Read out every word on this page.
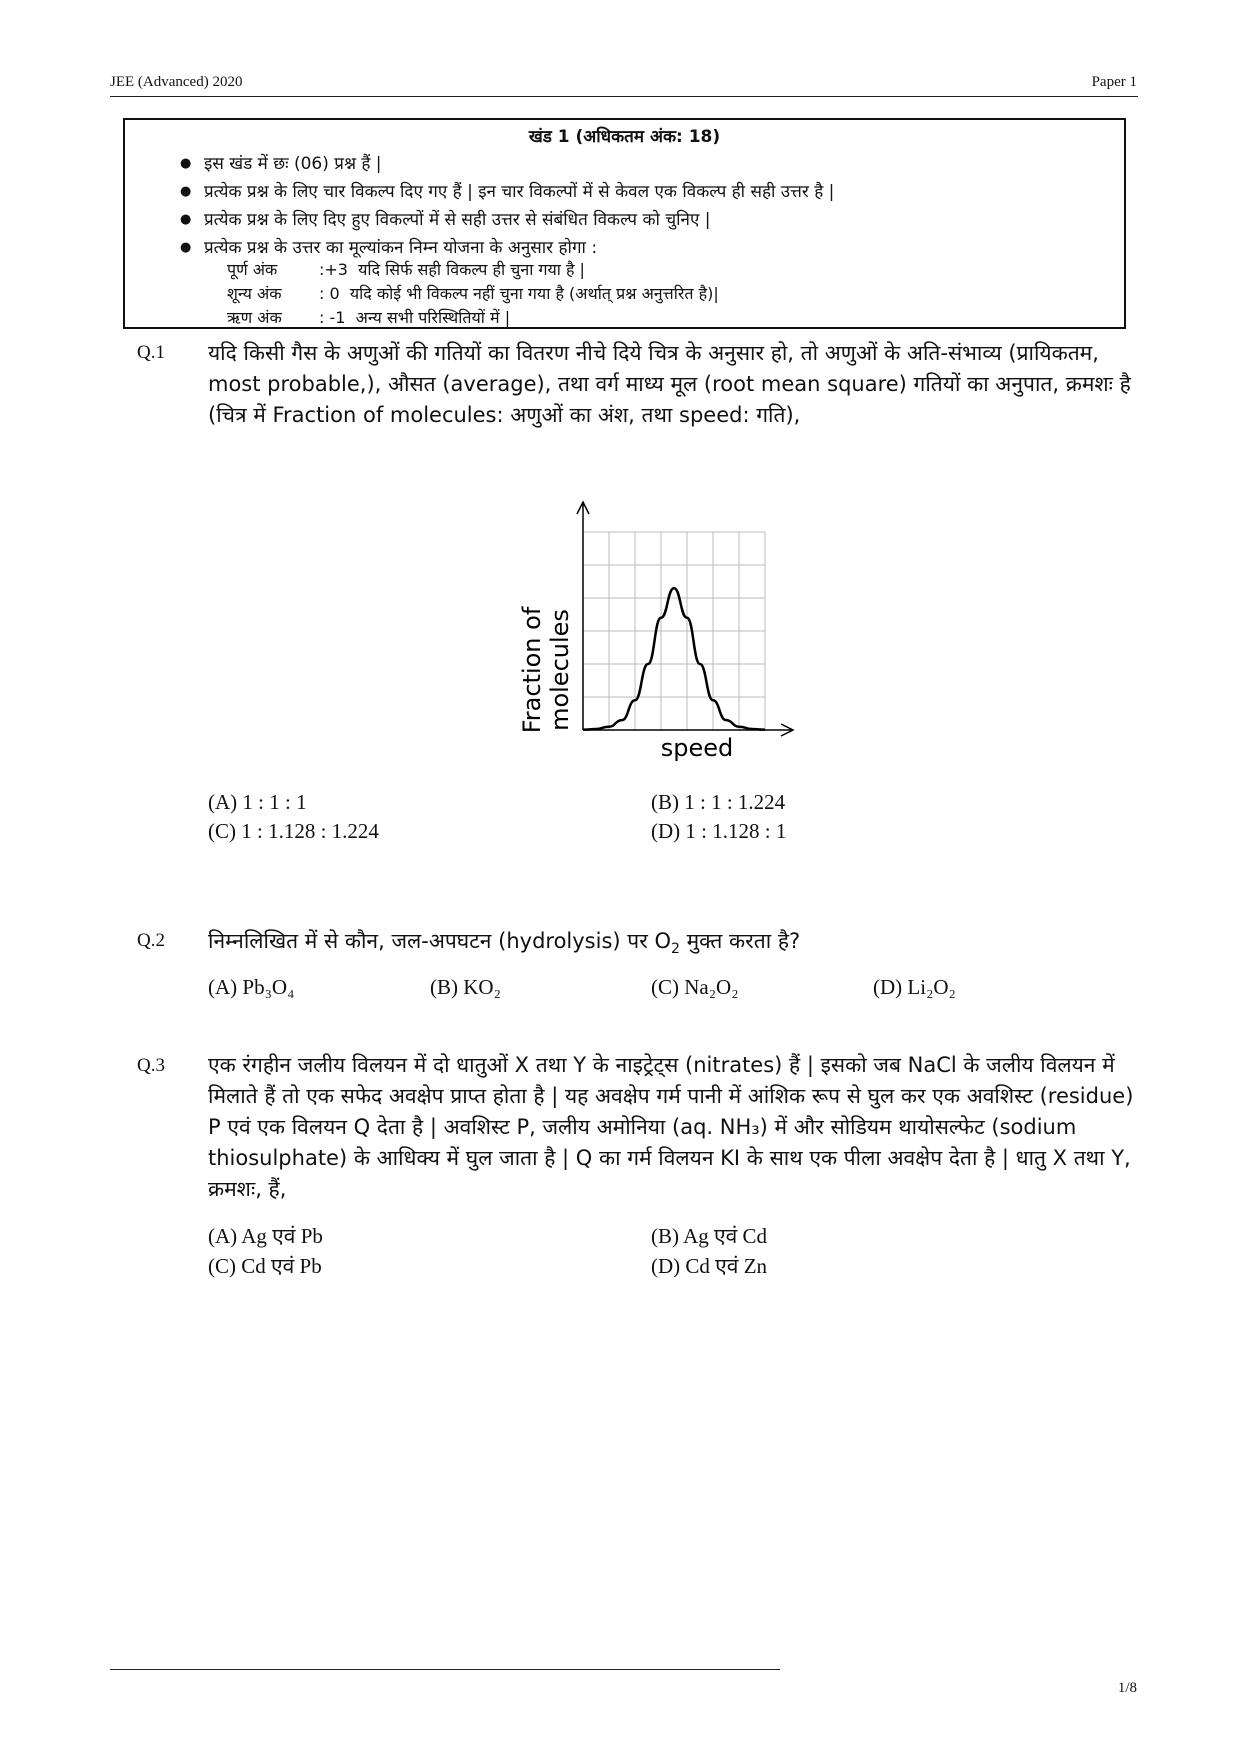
JEE (Advanced) 2020	Paper 1
खंड 1 (अधिकतम अंक: 18)
● इस खंड में छः (06) प्रश्न हैं |
● प्रत्येक प्रश्न के लिए चार विकल्प दिए गए हैं | इन चार विकल्पों में से केवल एक विकल्प ही सही उत्तर है |
● प्रत्येक प्रश्न के लिए दिए हुए विकल्पों में से सही उत्तर से संबंधित विकल्प को चुनिए |
● प्रत्येक प्रश्न के उत्तर का मूल्यांकन निम्न योजना के अनुसार होगा :
पूर्ण अंक	:+3 यदि सिर्फ सही विकल्प ही चुना गया है |
शून्य अंक : 0 यदि कोई भी विकल्प नहीं चुना गया है (अर्थात् प्रश्न अनुत्तरित है)|
ऋण अंक : -1 अन्य सभी परिस्थितियों में |
Q.1 यदि किसी गैस के अणुओं की गतियों का वितरण नीचे दिये चित्र के अनुसार हो, तो अणुओं के अति-संभाव्य (प्रायिकतम, most probable,), औसत (average), तथा वर्ग माध्य मूल (root mean square) गतियों का अनुपात, क्रमशः है (चित्र में Fraction of molecules: अणुओं का अंश, तथा speed: गति),
Fraction of molecules
speed
(A) 1 : 1 : 1	(B) 1 : 1 : 1.224
(C) 1 : 1.128 : 1.224	(D) 1 : 1.128 : 1
Q.2 निम्नलिखित में से कौन, जल-अपघटन (hydrolysis) पर $O_2$ मुक्त करता है?
(A) Pb₃O₄	(B) KO₂	(C) Na₂O₂	(D) Li₂O₂
Q.3 एक रंगहीन जलीय विलयन में दो धातुओं X तथा Y के नाइट्रेट्स (nitrates) हैं | इसको जब NaCl के जलीय विलयन में मिलाते हैं तो एक सफेद अवक्षेप प्राप्त होता है | यह अवक्षेप गर्म पानी में आंशिक रूप से घुल कर एक अवशिस्ट (residue) P एवं एक विलयन Q देता है | अवशिस्ट P, जलीय अमोनिया (aq. NH₃) में और सोडियम थायोसल्फेट (sodium thiosulphate) के आधिक्य में घुल जाता है | Q का गर्म विलयन KI के साथ एक पीला अवक्षेप देता है | धातु X तथा Y, क्रमशः, हैं,
(A) Ag एवं Pb	(B) Ag एवं Cd
(C) Cd एवं Pb	(D) Cd एवं Zn
1/8
